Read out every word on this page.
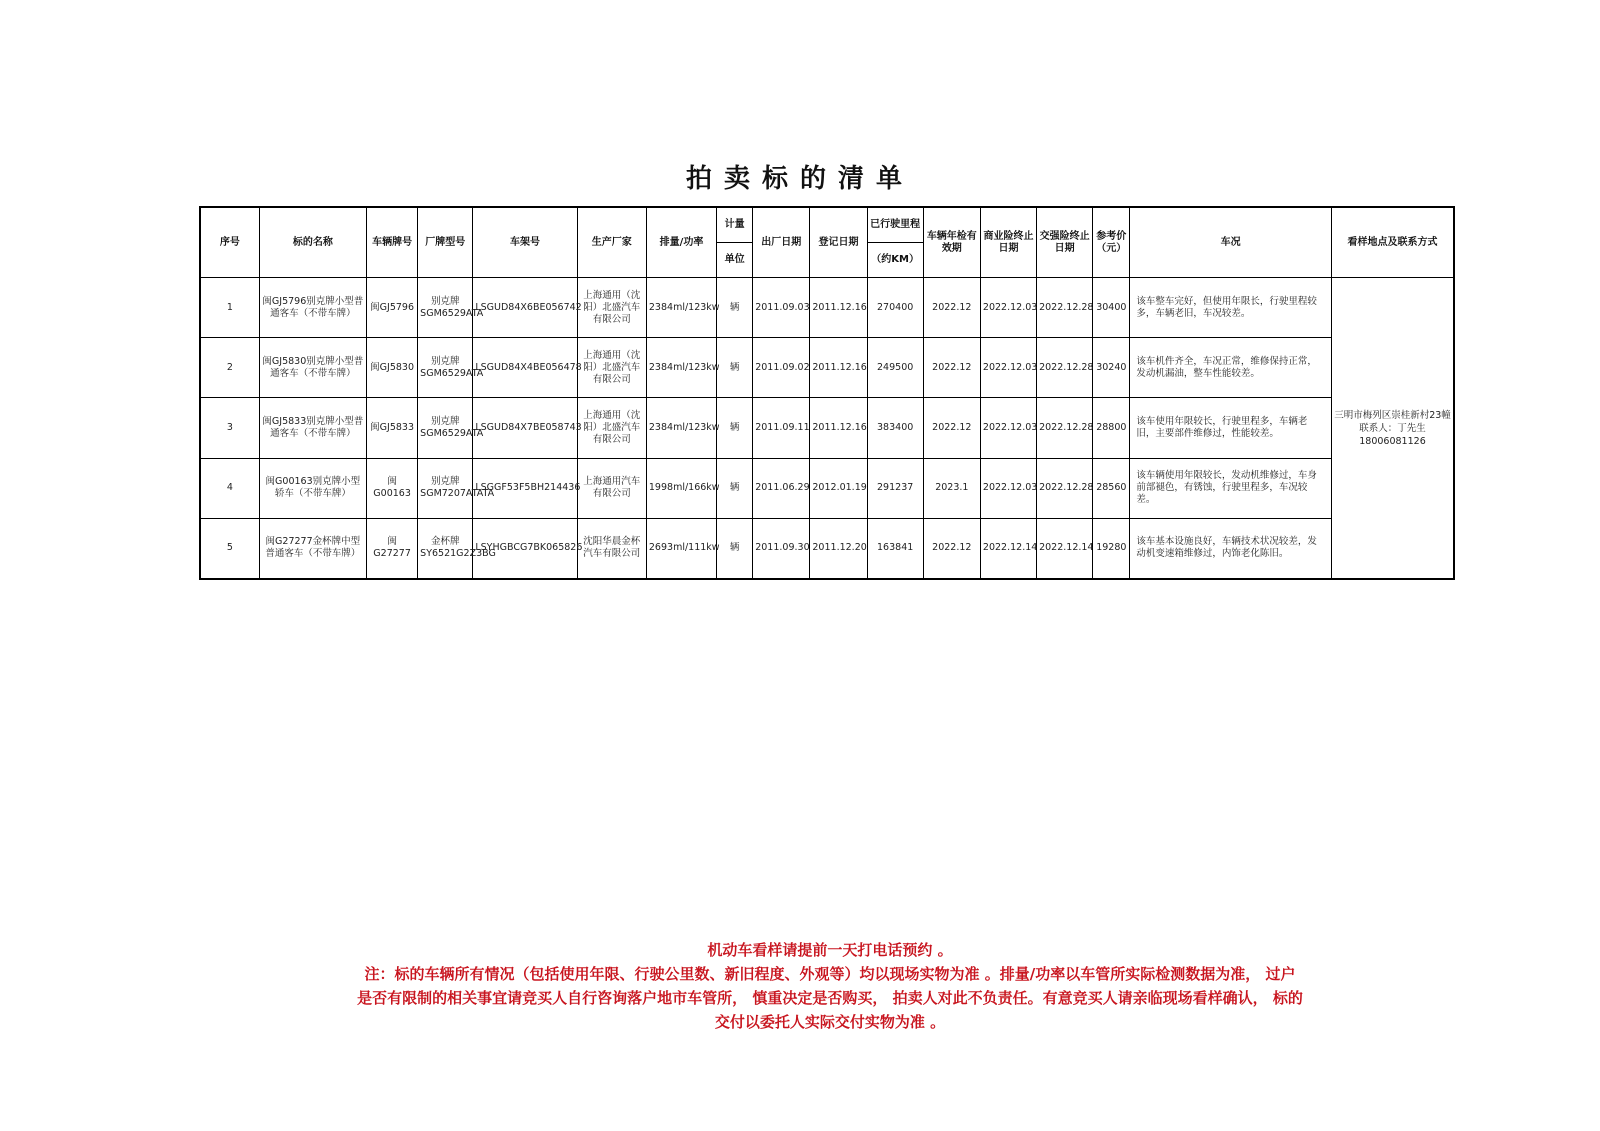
拍卖标的清单
序号	标的名称	车辆牌号	厂牌型号	车架号	生产厂家	排量/功率	计量	出厂日期	登记日期	已行驶里程	车辆年检有效期	商业险终止日期	交强险终止日期	参考价（元）	车况	看样地点及联系方式
							单位			（约KM）						
1	闽GJ5796别克牌小型普通客车（不带车牌）	闽GJ5796	别克牌SGM6529ATA	LSGUD84X6BE056742	上海通用（沈阳）北盛汽车有限公司	2384ml/123kw	辆	2011.09.03	2011.12.16	270400	2022.12	2022.12.03	2022.12.28	30400	该车整车完好，但使用年限长，行驶里程较多，车辆老旧，车况较差。	三明市梅列区崇桂新村23幢
联系人：丁先生
18006081126

2	闽GJ5830别克牌小型普通客车（不带车牌）	闽GJ5830	别克牌SGM6529ATA	LSGUD84X4BE056478	上海通用（沈阳）北盛汽车有限公司	2384ml/123kw	辆	2011.09.02	2011.12.16	249500	2022.12	2022.12.03	2022.12.28	30240	该车机件齐全，车况正常，维修保持正常，发动机漏油，整车性能较差。	
3	闽GJ5833别克牌小型普通客车（不带车牌）	闽GJ5833	别克牌SGM6529ATA	LSGUD84X7BE058743	上海通用（沈阳）北盛汽车有限公司	2384ml/123kw	辆	2011.09.11	2011.12.16	383400	2022.12	2022.12.03	2022.12.28	28800	该车使用年限较长，行驶里程多，车辆老旧，主要部件维修过，性能较差。	
4	闽G00163别克牌小型轿车（不带车牌）	闽G00163	别克牌SGM7207ATATA	LSGGF53F5BH214436	上海通用汽车有限公司	1998ml/166kw	辆	2011.06.29	2012.01.19	291237	2023.1	2022.12.03	2022.12.28	28560	该车辆使用年限较长，发动机维修过，车身前部褪色，有锈蚀，行驶里程多，车况较差。	
5	闽G27277金杯牌中型普通客车（不带车牌）	闽G27277	金杯牌SY6521G2Z3BG	LSYHGBCG7BK065826	沈阳华晨金杯汽车有限公司	2693ml/111kw	辆	2011.09.30	2011.12.20	163841	2022.12	2022.12.14	2022.12.14	19280	该车基本设施良好，车辆技术状况较差，发动机变速箱维修过，内饰老化陈旧。	
机动车看样请提前一天打电话预约 。
注：标的车辆所有情况（包括使用年限、行驶公里数、新旧程度、外观等）均以现场实物为准 。排量/功率以车管所实际检测数据为准， 过户
是否有限制的相关事宜请竞买人自行咨询落户地市车管所， 慎重决定是否购买， 拍卖人对此不负责任。有意竞买人请亲临现场看样确认， 标的
交付以委托人实际交付实物为准 。
